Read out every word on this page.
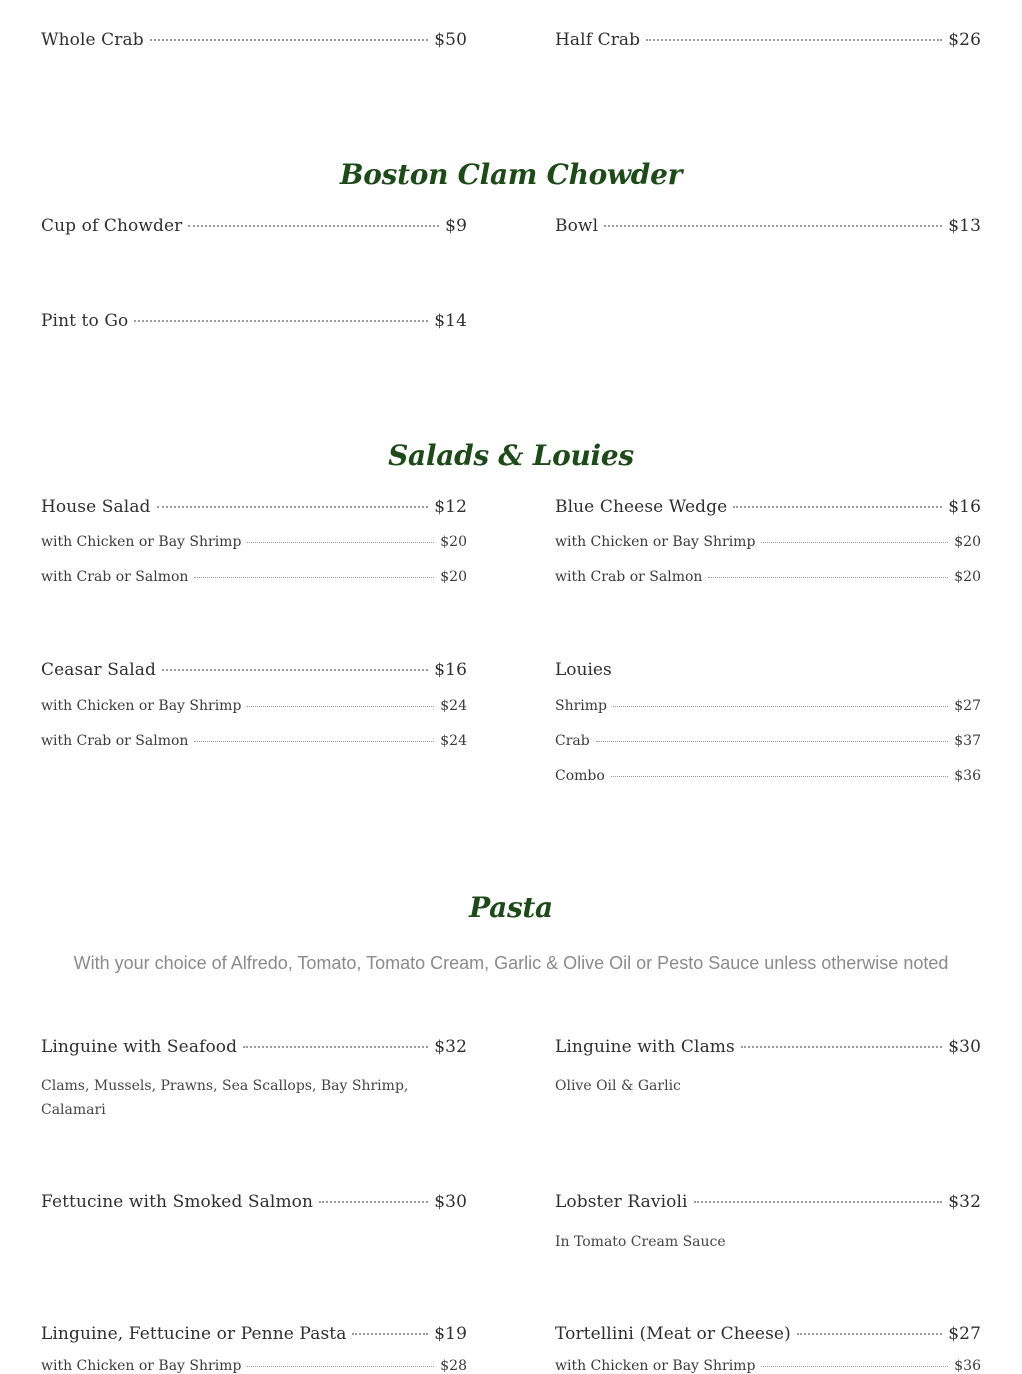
Whole Crab	$50	Half Crab	$26
Boston Clam Chowder
Cup of Chowder	$9	Bowl	$13
Pint to Go	$14
Salads & Louies
House Salad	$12
with Chicken or Bay Shrimp	$20
with Crab or Salmon	$20
Blue Cheese Wedge	$16
with Chicken or Bay Shrimp	$20
with Crab or Salmon	$20
Ceasar Salad	$16
with Chicken or Bay Shrimp	$24
with Crab or Salmon	$24
Louies
Shrimp	$27
Crab	$37
Combo	$36
Pasta
With your choice of Alfredo, Tomato, Tomato Cream, Garlic & Olive Oil or Pesto Sauce unless otherwise noted
Linguine with Seafood	$32
Clams, Mussels, Prawns, Sea Scallops, Bay Shrimp, Calamari
Linguine with Clams	$30
Olive Oil & Garlic
Fettucine with Smoked Salmon	$30	Lobster Ravioli	$32
In Tomato Cream Sauce
Linguine, Fettucine or Penne Pasta	$19
with Chicken or Bay Shrimp	$28
Tortellini (Meat or Cheese)	$27
with Chicken or Bay Shrimp	$36
